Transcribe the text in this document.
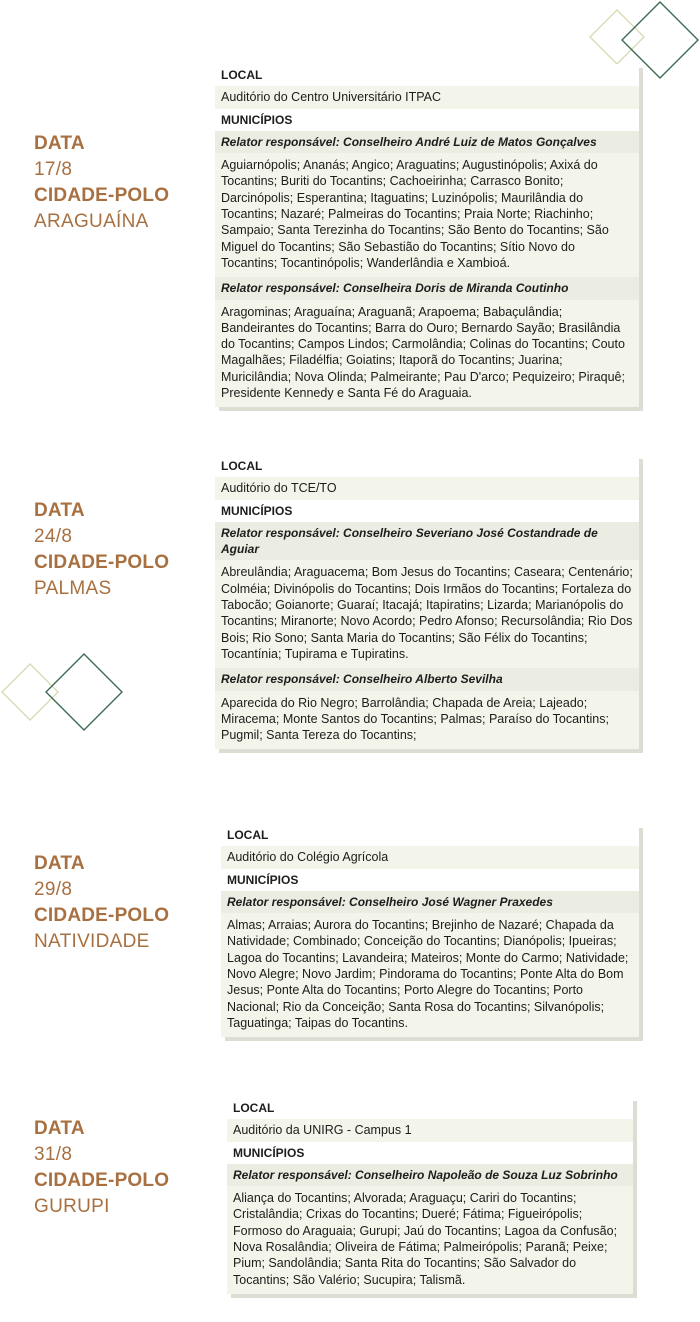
DATA
17/8
CIDADE-POLO
ARAGUAÍNA
LOCAL
Auditório do Centro Universitário ITPAC
MUNICÍPIOS
Relator responsável: Conselheiro André Luiz de Matos Gonçalves
Aguiarnópolis; Ananás; Angico; Araguatins; Augustinópolis; Axixá do Tocantins; Buriti do Tocantins; Cachoeirinha; Carrasco Bonito; Darcinópolis; Esperantina; Itaguatins; Luzinópolis; Maurilândia do Tocantins; Nazaré; Palmeiras do Tocantins; Praia Norte; Riachinho; Sampaio; Santa Terezinha do Tocantins; São Bento do Tocantins; São Miguel do Tocantins; São Sebastião do Tocantins; Sítio Novo do Tocantins; Tocantinópolis; Wanderlândia e Xambioá.
Relator responsável: Conselheira Doris de Miranda Coutinho
Aragominas; Araguaína; Araguanã; Arapoema; Babaçulândia; Bandeirantes do Tocantins; Barra do Ouro; Bernardo Sayão; Brasilândia do Tocantins; Campos Lindos; Carmolândia; Colinas do Tocantins; Couto Magalhães; Filadélfia; Goiatins; Itaporã do Tocantins; Juarina; Muricilândia; Nova Olinda; Palmeirante; Pau D'arco; Pequizeiro; Piraquê; Presidente Kennedy e Santa Fé do Araguaia.
DATA
24/8
CIDADE-POLO
PALMAS
LOCAL
Auditório do TCE/TO
MUNICÍPIOS
Relator responsável: Conselheiro Severiano José Costandrade de Aguiar
Abreulândia; Araguacema; Bom Jesus do Tocantins; Caseara; Centenário; Colméia; Divinópolis do Tocantins; Dois Irmãos do Tocantins; Fortaleza do Tabocão; Goianorte; Guaraí; Itacajá; Itapiratins; Lizarda; Marianópolis do Tocantins; Miranorte; Novo Acordo; Pedro Afonso; Recursolândia; Rio Dos Bois; Rio Sono; Santa Maria do Tocantins; São Félix do Tocantins; Tocantínia; Tupirama e Tupiratins.
Relator responsável: Conselheiro Alberto Sevilha
Aparecida do Rio Negro; Barrolândia; Chapada de Areia; Lajeado; Miracema; Monte Santos do Tocantins; Palmas; Paraíso do Tocantins; Pugmil; Santa Tereza do Tocantins;
DATA
29/8
CIDADE-POLO
NATIVIDADE
LOCAL
Auditório do Colégio Agrícola
MUNICÍPIOS
Relator responsável: Conselheiro José Wagner Praxedes
Almas; Arraias; Aurora do Tocantins; Brejinho de Nazaré; Chapada da Natividade; Combinado; Conceição do Tocantins; Dianópolis; Ipueiras; Lagoa do Tocantins; Lavandeira; Mateiros; Monte do Carmo; Natividade; Novo Alegre; Novo Jardim; Pindorama do Tocantins; Ponte Alta do Bom Jesus; Ponte Alta do Tocantins; Porto Alegre do Tocantins; Porto Nacional; Rio da Conceição; Santa Rosa do Tocantins; Silvanópolis; Taguatinga; Taipas do Tocantins.
DATA
31/8
CIDADE-POLO
GURUPI
LOCAL
Auditório da UNIRG - Campus 1
MUNICÍPIOS
Relator responsável: Conselheiro Napoleão de Souza Luz Sobrinho
Aliança do Tocantins; Alvorada; Araguaçu; Cariri do Tocantins; Cristalândia; Crixas do Tocantins; Dueré; Fátima; Figueirópolis; Formoso do Araguaia; Gurupi; Jaú do Tocantins; Lagoa da Confusão; Nova Rosalândia; Oliveira de Fátima; Palmeirópolis; Paranã; Peixe; Pium; Sandolândia; Santa Rita do Tocantins; São Salvador do Tocantins; São Valério; Sucupira; Talismã.
